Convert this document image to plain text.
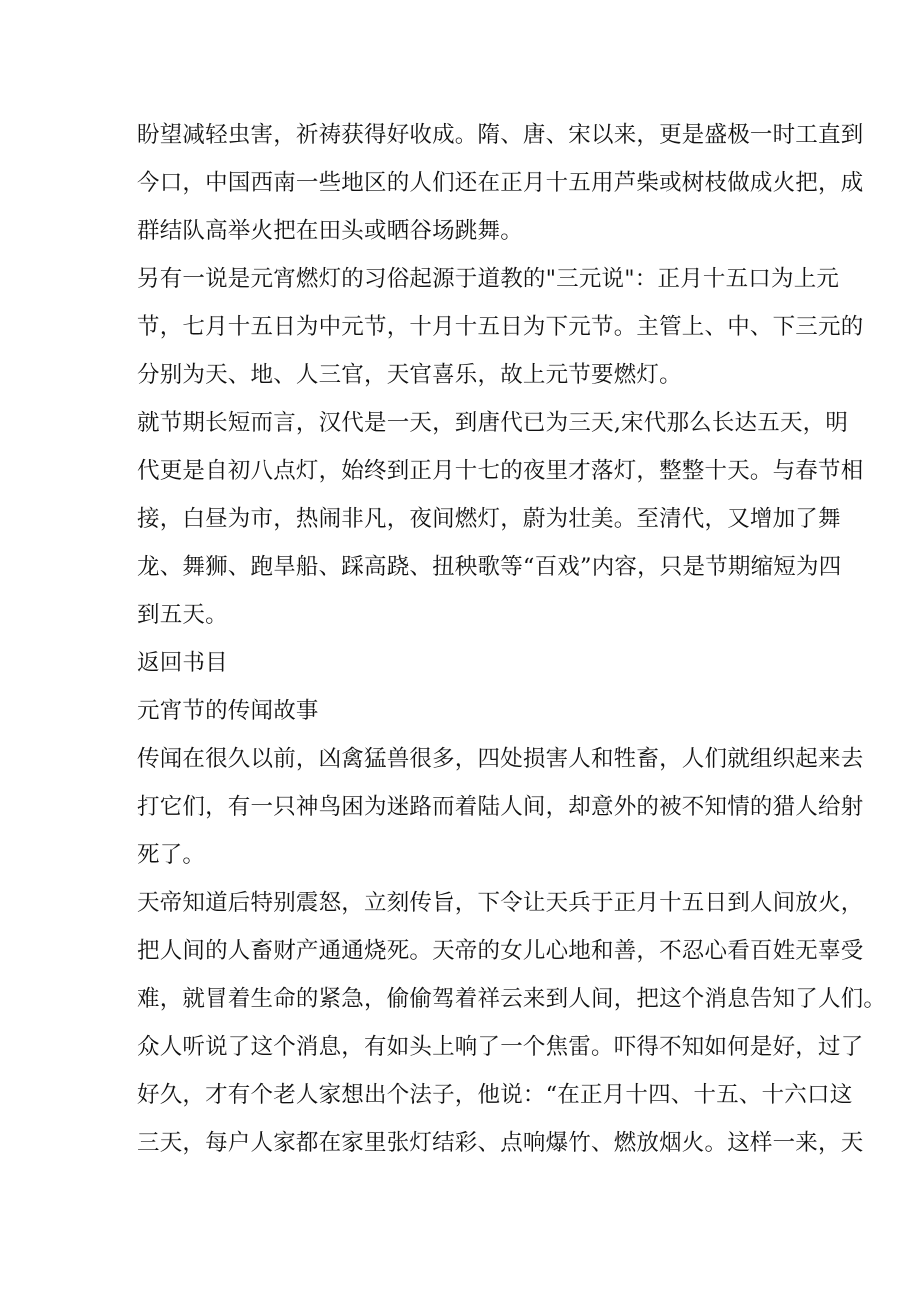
盼望减轻虫害，祈祷获得好收成。隋、唐、宋以来，更是盛极一时工直到
今口，中国西南一些地区的人们还在正月十五用芦柴或树枝做成火把，成
群结队高举火把在田头或晒谷场跳舞。
另有一说是元宵燃灯的习俗起源于道教的"三元说"：正月十五口为上元
节，七月十五日为中元节，十月十五日为下元节。主管上、中、下三元的
分别为天、地、人三官，天官喜乐，故上元节要燃灯。
就节期长短而言，汉代是一天，到唐代已为三天,宋代那么长达五天，明
代更是自初八点灯，始终到正月十七的夜里才落灯，整整十天。与春节相
接，白昼为市，热闹非凡，夜间燃灯，蔚为壮美。至清代，又增加了舞
龙、舞狮、跑旱船、踩高跷、扭秧歌等“百戏”内容，只是节期缩短为四
到五天。
返回书目
元宵节的传闻故事
传闻在很久以前，凶禽猛兽很多，四处损害人和牲畜，人们就组织起来去
打它们，有一只神鸟困为迷路而着陆人间，却意外的被不知情的猎人给射
死了。
天帝知道后特别震怒，立刻传旨，下令让天兵于正月十五日到人间放火，
把人间的人畜财产通通烧死。天帝的女儿心地和善，不忍心看百姓无辜受
难，就冒着生命的紧急，偷偷驾着祥云来到人间，把这个消息告知了人们。
众人听说了这个消息，有如头上响了一个焦雷。吓得不知如何是好，过了
好久，才有个老人家想出个法子，他说：“在正月十四、十五、十六口这
三天，每户人家都在家里张灯结彩、点响爆竹、燃放烟火。这样一来，天
